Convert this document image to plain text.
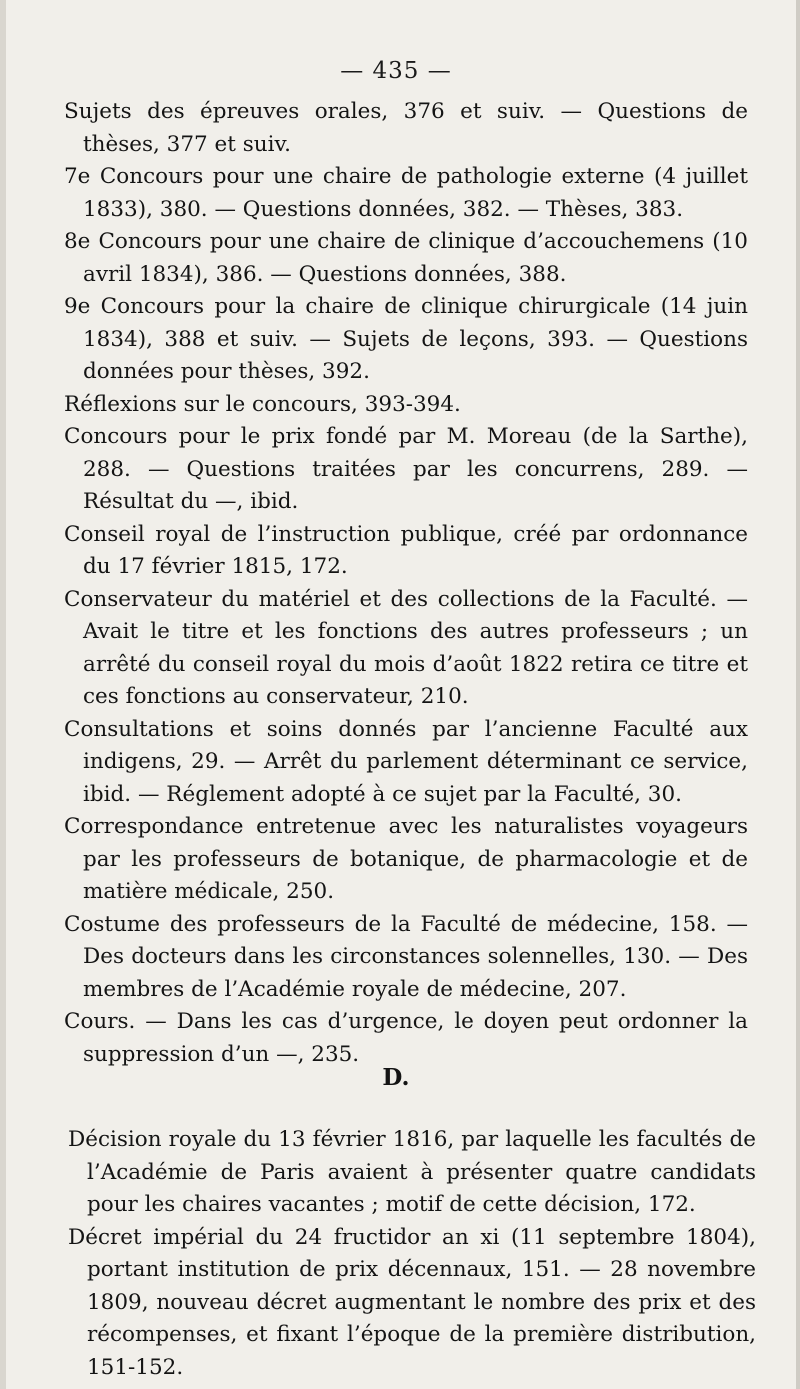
— 435 —

Sujets des épreuves orales, 376 et suiv. — Questions de thèses, 377 et suiv.

7e Concours pour une chaire de pathologie externe (4 juillet 1833), 380. — Questions données, 382. — Thèses, 383.

8e Concours pour une chaire de clinique d’accouchemens (10 avril 1834), 386. — Questions données, 388.

9e Concours pour la chaire de clinique chirurgicale (14 juin 1834), 388 et suiv. — Sujets de leçons, 393. — Questions données pour thèses, 392.

Réflexions sur le concours, 393-394.

Concours pour le prix fondé par M. Moreau (de la Sarthe), 288. — Questions traitées par les concurrens, 289. — Résultat du —, ibid.

Conseil royal de l’instruction publique, créé par ordonnance du 17 février 1815, 172.

Conservateur du matériel et des collections de la Faculté. — Avait le titre et les fonctions des autres professeurs ; un arrêté du conseil royal du mois d’août 1822 retira ce titre et ces fonctions au conservateur, 210.

Consultations et soins donnés par l’ancienne Faculté aux indigens, 29. — Arrêt du parlement déterminant ce service, ibid. — Réglement adopté à ce sujet par la Faculté, 30.

Correspondance entretenue avec les naturalistes voyageurs par les professeurs de botanique, de pharmacologie et de matière médicale, 250.

Costume des professeurs de la Faculté de médecine, 158. — Des docteurs dans les circonstances solennelles, 130. — Des membres de l’Académie royale de médecine, 207.

Cours. — Dans les cas d’urgence, le doyen peut ordonner la suppression d’un —, 235.

D.

Décision royale du 13 février 1816, par laquelle les facultés de l’Académie de Paris avaient à présenter quatre candidats pour les chaires vacantes ; motif de cette décision, 172.

Décret impérial du 24 fructidor an xi (11 septembre 1804), portant institution de prix décennaux, 151. — 28 novembre 1809, nouveau décret augmentant le nombre des prix et des récompenses, et fixant l’époque de la première distribution, 151-152.
